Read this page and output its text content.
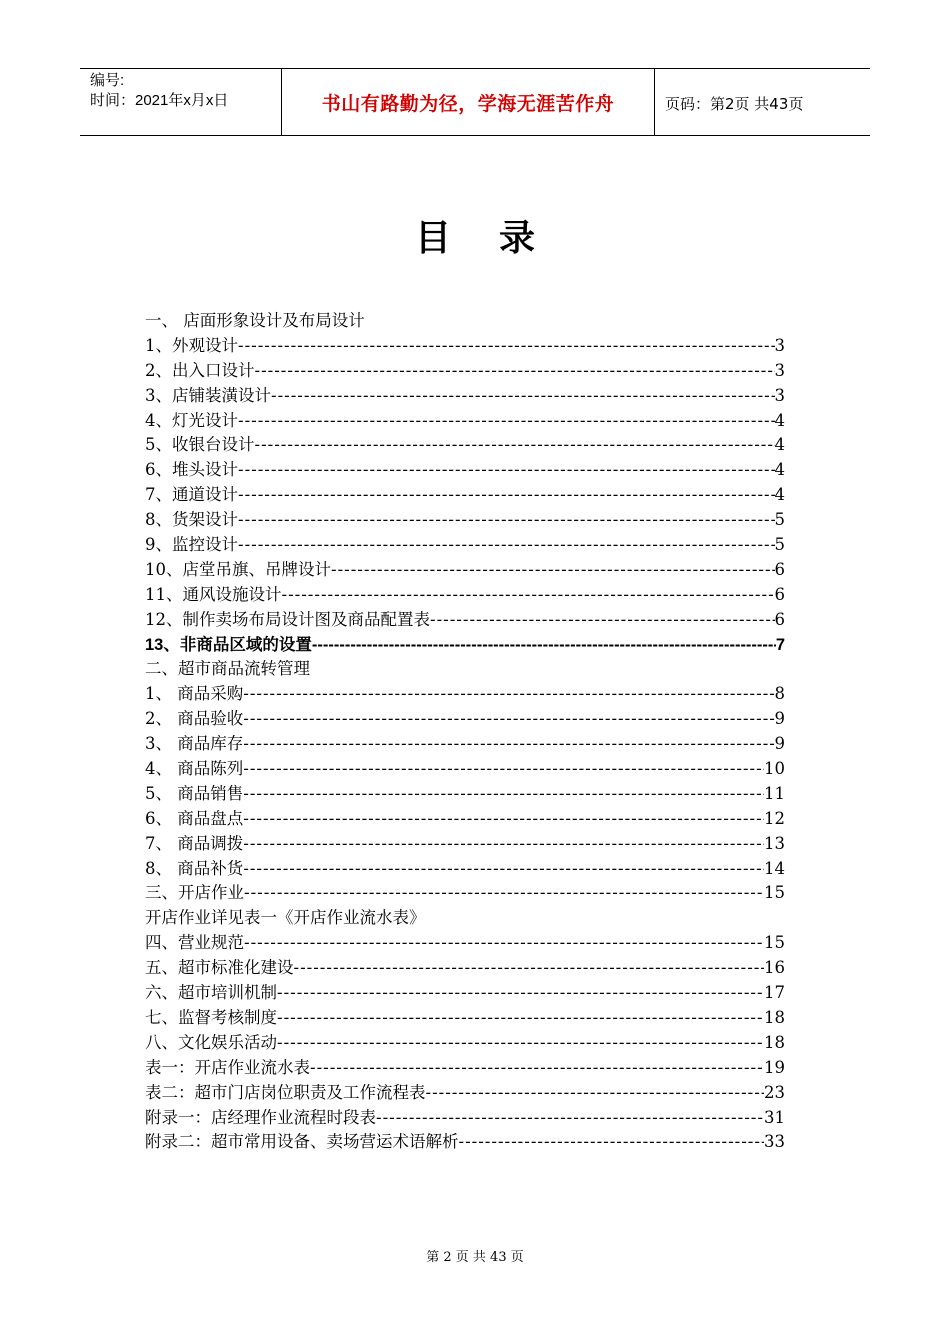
编号:
时间：2021年x月x日	书山有路勤为径，学海无涯苦作舟	页码：第2页 共43页
目 录
一、 店面形象设计及布局设计
1、外观设计 -----	3
2、出入口设计 -----	3
3、店铺装潢设计 -----	3
4、灯光设计 -----	4
5、收银台设计 -----	4
6、堆头设计 -----	4
7、通道设计 -----	4
8、货架设计 -----	5
9、监控设计 -----	5
10、店堂吊旗、吊牌设计 -----	6
11、通风设施设计 -----	6
12、制作卖场布局设计图及商品配置表 -----	6
13、非商品区域的设置 -----	7
二、超市商品流转管理
1、 商品采购 -----	8
2、 商品验收 -----	9
3、 商品库存 -----	9
4、 商品陈列 -----	10
5、 商品销售 -----	11
6、 商品盘点 -----	12
7、 商品调拨 -----	13
8、 商品补货 -----	14
三、开店作业 -----	15
开店作业详见表一《开店作业流水表》
四、营业规范 -----	15
五、超市标准化建设 -----	16
六、超市培训机制 -----	17
七、监督考核制度 -----	18
八、文化娱乐活动 -----	18
表一：开店作业流水表 -----	19
表二：超市门店岗位职责及工作流程表 -----	23
附录一：店经理作业流程时段表 -----	31
附录二：超市常用设备、卖场营运术语解析 -----	33
第 2 页 共 43 页
